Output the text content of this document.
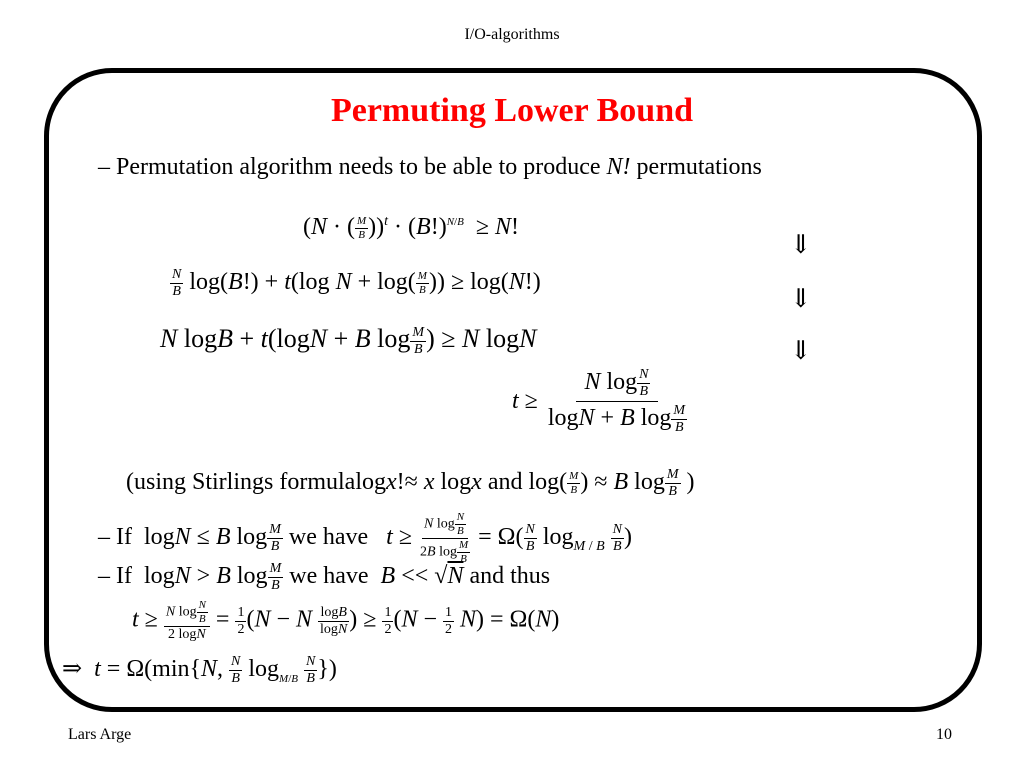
I/O-algorithms
Permuting Lower Bound
– Permutation algorithm needs to be able to produce N! permutations
(N · ( $\frac{M}{B} ))^t \cdot (B!)^{N/B} \ge N$!
⇓
⇓
⇓
$\frac{N}{B} \log(B!) + t(\log$ $N + \log( \frac{M}{B}$ )) ≥ log(N!)
N logB + t(logN + B $\log \frac{M}{B}$ ) ≥ N logN
$t \ge \frac{N \log \frac{N}{B}}{\log N + B \log \frac{M}{B}}$
(using Stirlings formulalogx!≈ x logx and $\log( \frac{M}{B}$ ) ≈ B $\log \frac{M}{B}$ )
– If logN ≤ B $\log \frac{M}{B}$ we have $t \ge \frac{N \log \frac{N}{B}}{2B \log \frac{M}{B}} = \Omega( \frac{N}{B} \log_{M / B} \frac{N}{B}$ )
– If logN > B $\log \frac{M}{B}$ we have B << √N and thus
$t \ge \frac{N \log \frac{N}{B}}{2 \log N} = \frac{1}{2} (N - N \frac{\log B}{\log N}$ ) ≥ $\frac{1}{2} (N - \frac{1}{2} N) = \Omega(N)$
⇒ t = Ω(min{N, $\frac{N}{B} \log_{M/B} \frac{N}{B}$ })
Lars Arge	10
